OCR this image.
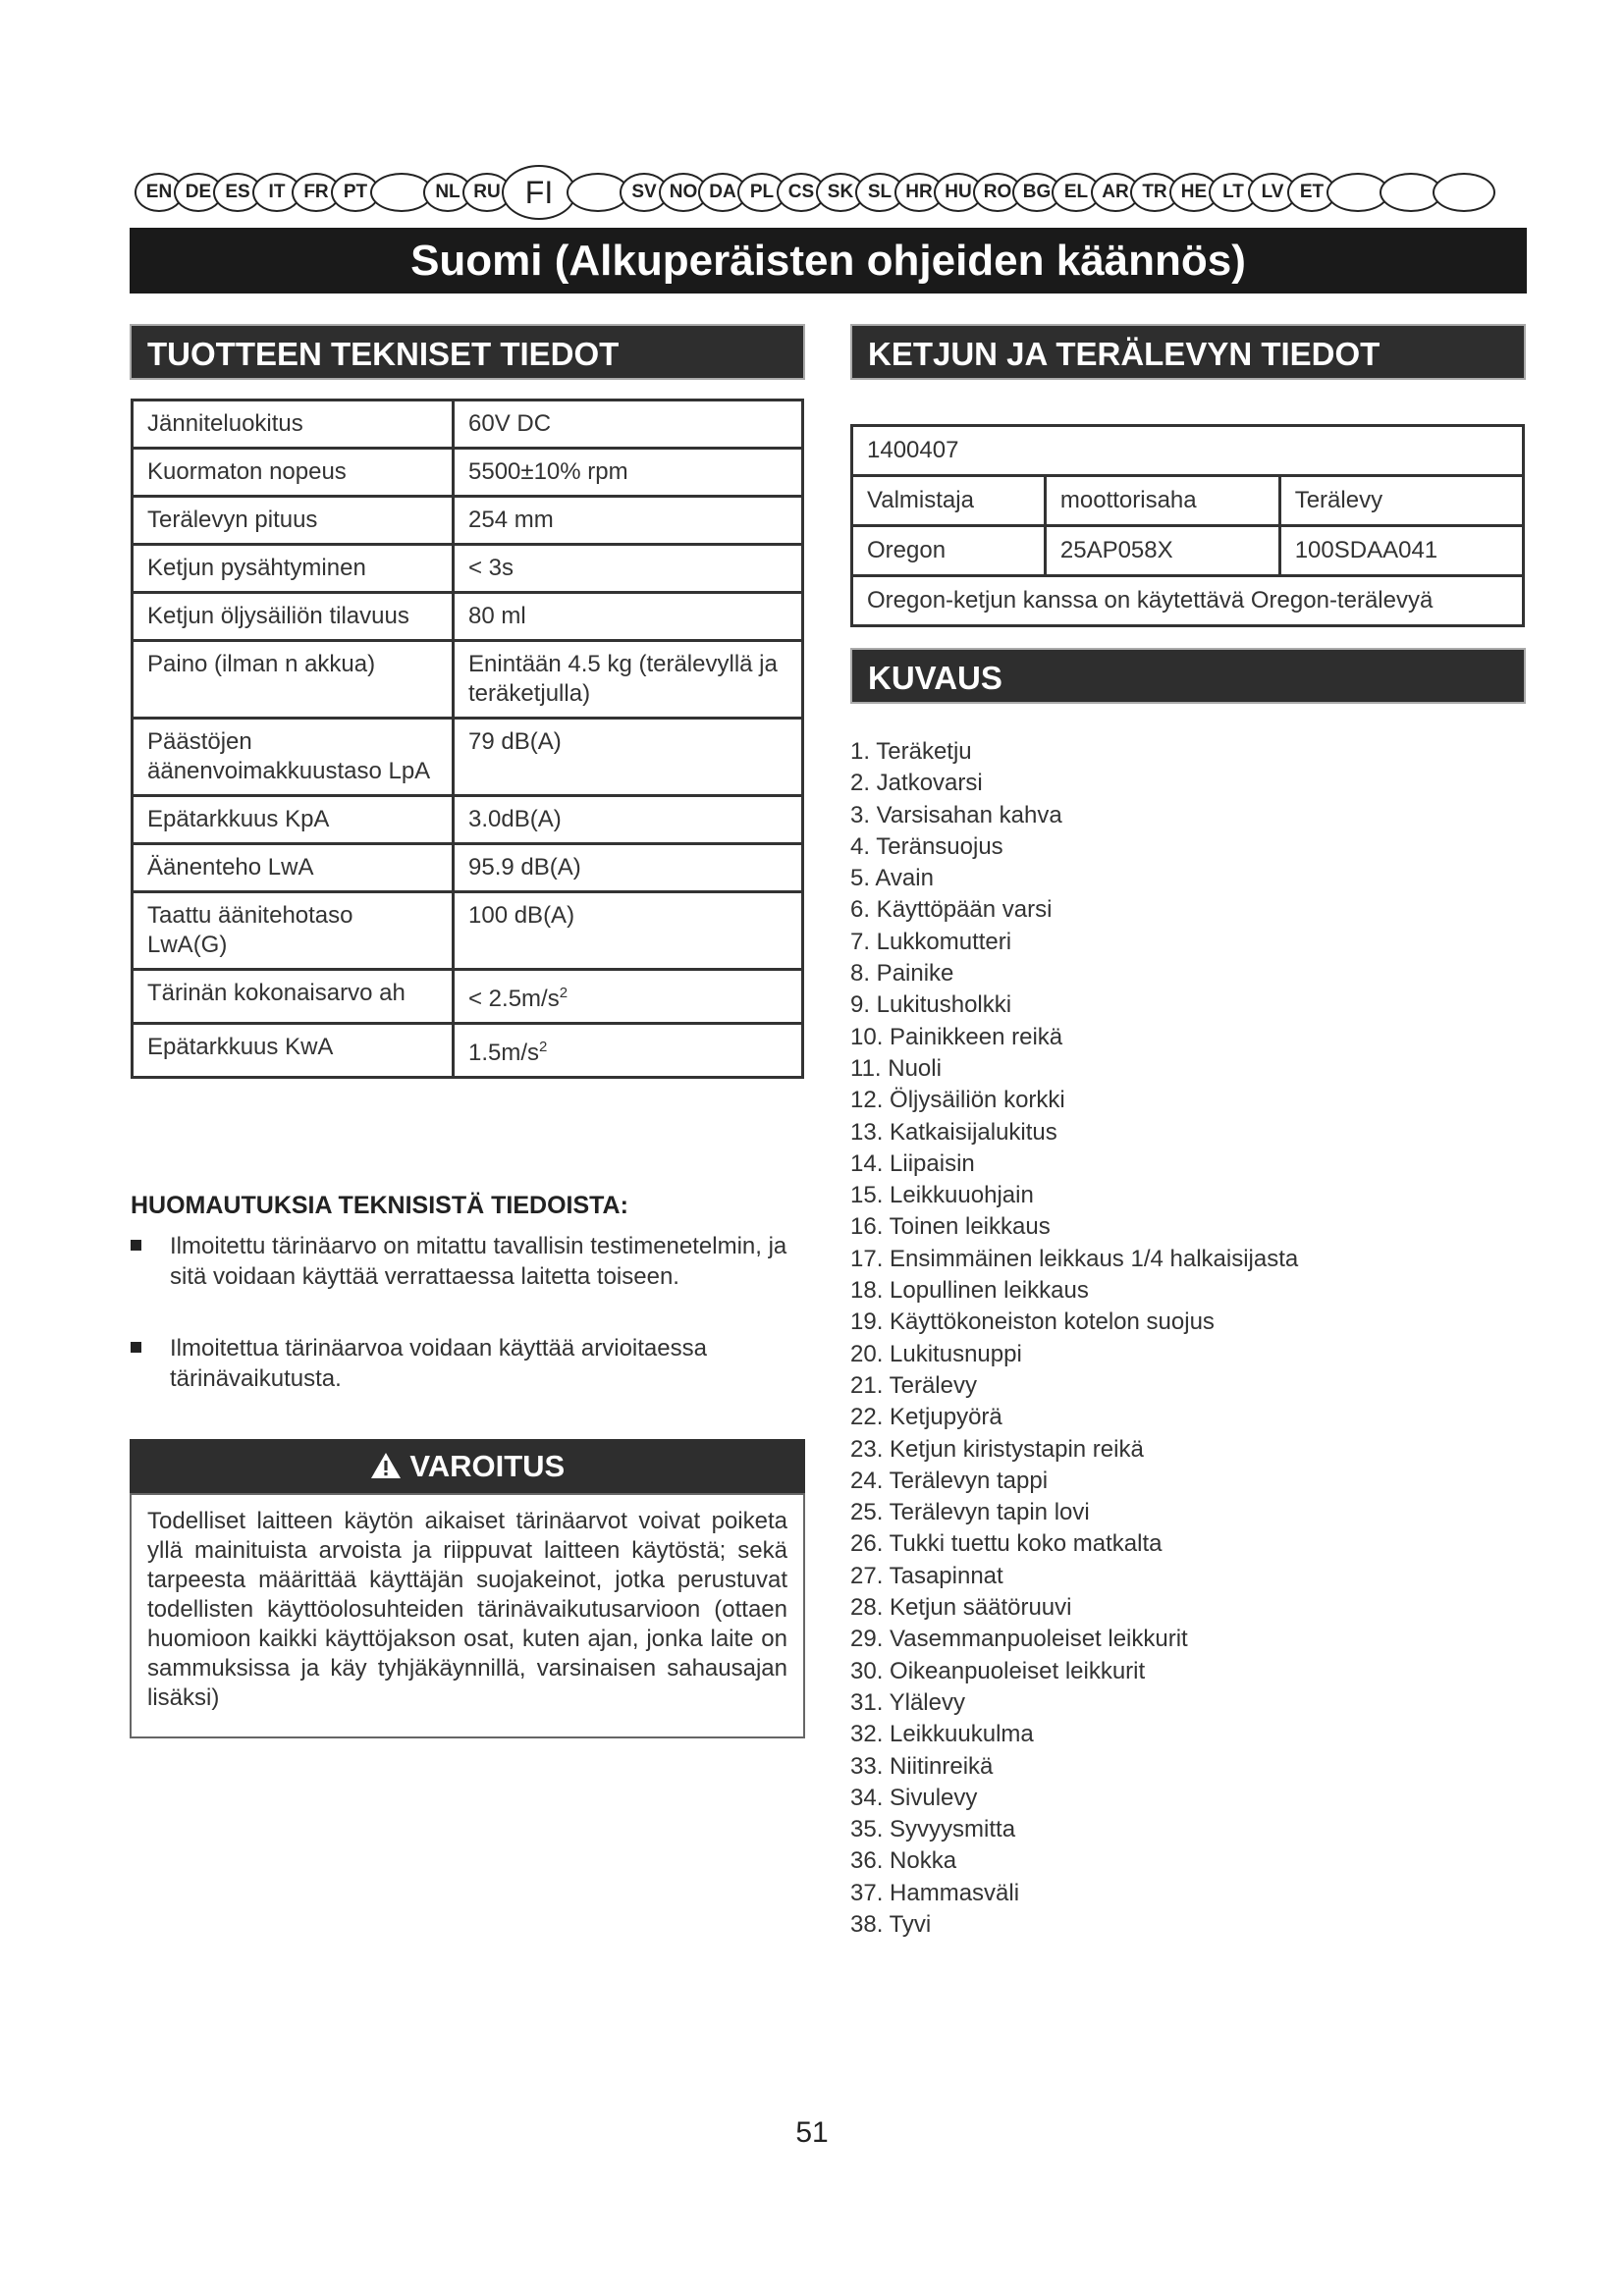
EN DE ES IT FR PT	NL RU FI	SV NO DA PL CS SK SL HR HU RO BG EL AR TR HE LT LV ET
Suomi (Alkuperäisten ohjeiden käännös)
TUOTTEEN TEKNISET TIEDOT
Jänniteluokitus	60V DC
Kuormaton nopeus	5500±10% rpm
Terälevyn pituus	254 mm
Ketjun pysähtyminen	< 3s
Ketjun öljysäiliön tilavuus	80 ml
Paino (ilman n akkua)	Enintään 4.5 kg (terälevyllä ja teräketjulla)
Päästöjen äänenvoimakkuustaso LpA	79 dB(A)
Epätarkkuus KpA	3.0dB(A)
Äänenteho LwA	95.9 dB(A)
Taattu äänitehotaso LwA(G)	100 dB(A)
Tärinän kokonaisarvo ah	< $2.5m/s^2$
Epätarkkuus KwA	$1.5m/s^2$
KETJUN JA TERÄLEVYN TIEDOT
1400407		
Valmistaja	moottorisaha	Terälevy
Oregon	25AP058X	100SDAA041
Oregon-ketjun kanssa on käytettävä Oregon-terälevyä		
HUOMAUTUKSIA TEKNISISTÄ TIEDOISTA:
Ilmoitettu tärinäarvo on mitattu tavallisin testimenetelmin, ja sitä voidaan käyttää verrattaessa laitetta toiseen.
Ilmoitettua tärinäarvoa voidaan käyttää arvioitaessa tärinävaikutusta.
VAROITUS
Todelliset laitteen käytön aikaiset tärinäarvot voivat poiketa yllä mainituista arvoista ja riippuvat laitteen käytöstä; sekä tarpeesta määrittää käyttäjän suojakeinot, jotka perustuvat todellisten käyttöolosuhteiden tärinävaikutusarvioon (ottaen huomioon kaikki käyttöjakson osat, kuten ajan, jonka laite on sammuksissa ja käy tyhjäkäynnillä, varsinaisen sahausajan lisäksi)
KUVAUS
1. Teräketju
2. Jatkovarsi
3. Varsisahan kahva
4. Teränsuojus
5. Avain
6. Käyttöpään varsi
7. Lukkomutteri
8. Painike
9. Lukitusholkki
10. Painikkeen reikä
11. Nuoli
12. Öljysäiliön korkki
13. Katkaisijalukitus
14. Liipaisin
15. Leikkuuohjain
16. Toinen leikkaus
17. Ensimmäinen leikkaus 1/4 halkaisijasta
18. Lopullinen leikkaus
19. Käyttökoneiston kotelon suojus
20. Lukitusnuppi
21. Terälevy
22. Ketjupyörä
23. Ketjun kiristystapin reikä
24. Terälevyn tappi
25. Terälevyn tapin lovi
26. Tukki tuettu koko matkalta
27. Tasapinnat
28. Ketjun säätöruuvi
29. Vasemmanpuoleiset leikkurit
30. Oikeanpuoleiset leikkurit
31. Ylälevy
32. Leikkuukulma
33. Niitinreikä
34. Sivulevy
35. Syvyysmitta
36. Nokka
37. Hammasväli
38. Tyvi
51
